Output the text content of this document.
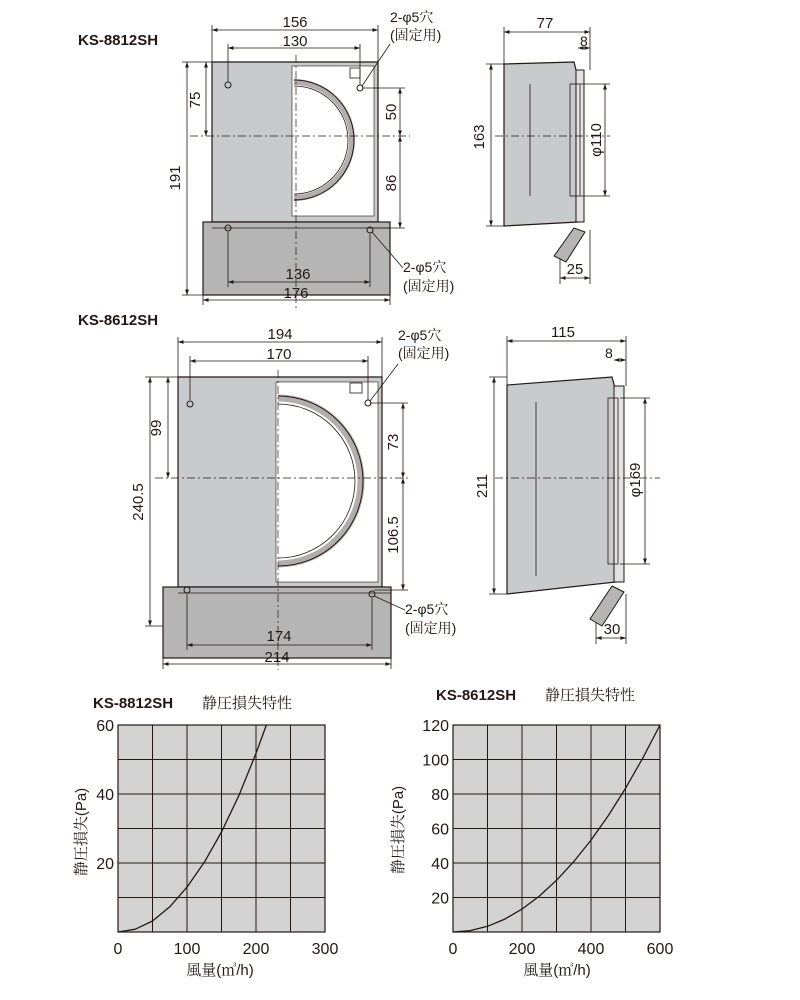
KS-8812SH
156
130
2-φ5穴
(固定用)
191
75
50
86
136
176
2-φ5穴
(固定用)
163
77
8
φ110
25
KS-8612SH
194
170
2-φ5穴
(固定用)
240.5
99
73
106.5
174
214
2-φ5穴
(固定用)
211
115
8
φ169
30
KS-8812SH 静圧損失特性
静圧損失(Pa)
風量(㎥/h)
0	100	200	300
20
40
60
KS-8612SH 静圧損失特性
静圧損失(Pa)
風量(㎥/h)
0	200	400	600
20
40
60
80
100
120
